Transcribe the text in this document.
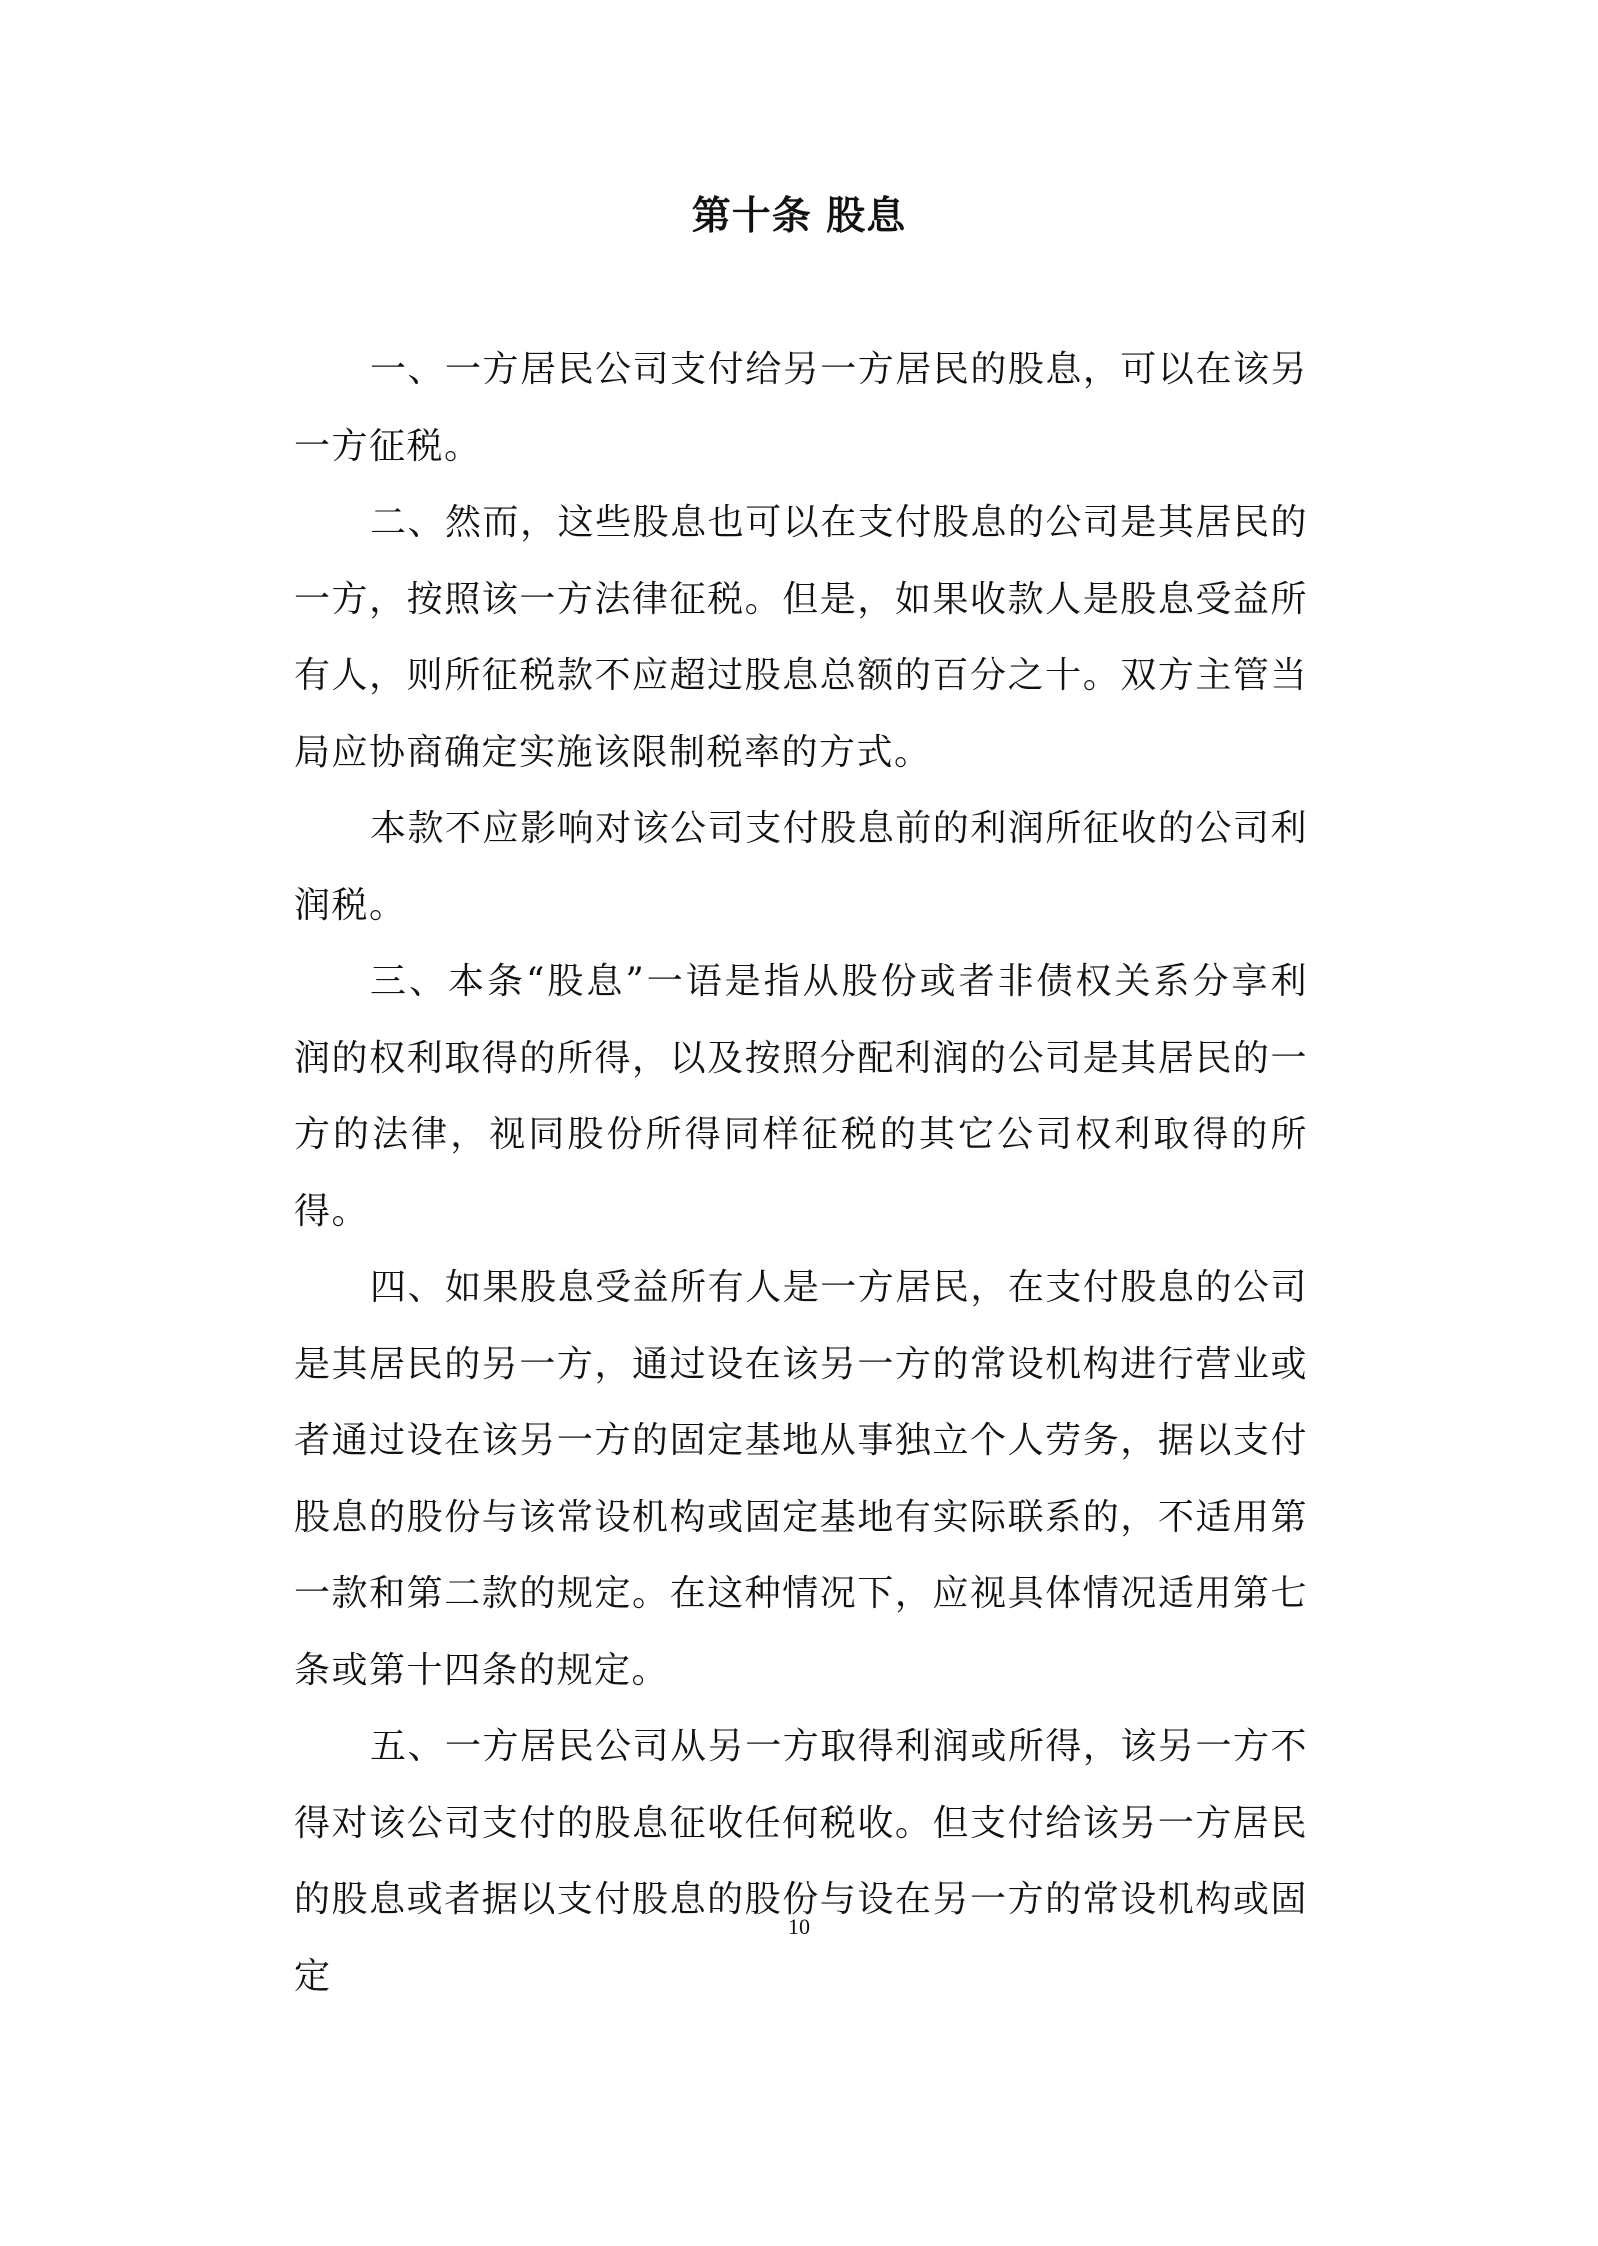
第十条 股息

一、一方居民公司支付给另一方居民的股息，可以在该另一方征税。

二、然而，这些股息也可以在支付股息的公司是其居民的一方，按照该一方法律征税。但是，如果收款人是股息受益所有人，则所征税款不应超过股息总额的百分之十。双方主管当局应协商确定实施该限制税率的方式。

本款不应影响对该公司支付股息前的利润所征收的公司利润税。

三、本条“股息”一语是指从股份或者非债权关系分享利润的权利取得的所得，以及按照分配利润的公司是其居民的一方的法律，视同股份所得同样征税的其它公司权利取得的所得。

四、如果股息受益所有人是一方居民，在支付股息的公司是其居民的另一方，通过设在该另一方的常设机构进行营业或者通过设在该另一方的固定基地从事独立个人劳务，据以支付股息的股份与该常设机构或固定基地有实际联系的，不适用第一款和第二款的规定。在这种情况下，应视具体情况适用第七条或第十四条的规定。

五、一方居民公司从另一方取得利润或所得，该另一方不得对该公司支付的股息征收任何税收。但支付给该另一方居民的股息或者据以支付股息的股份与设在另一方的常设机构或固定

10
